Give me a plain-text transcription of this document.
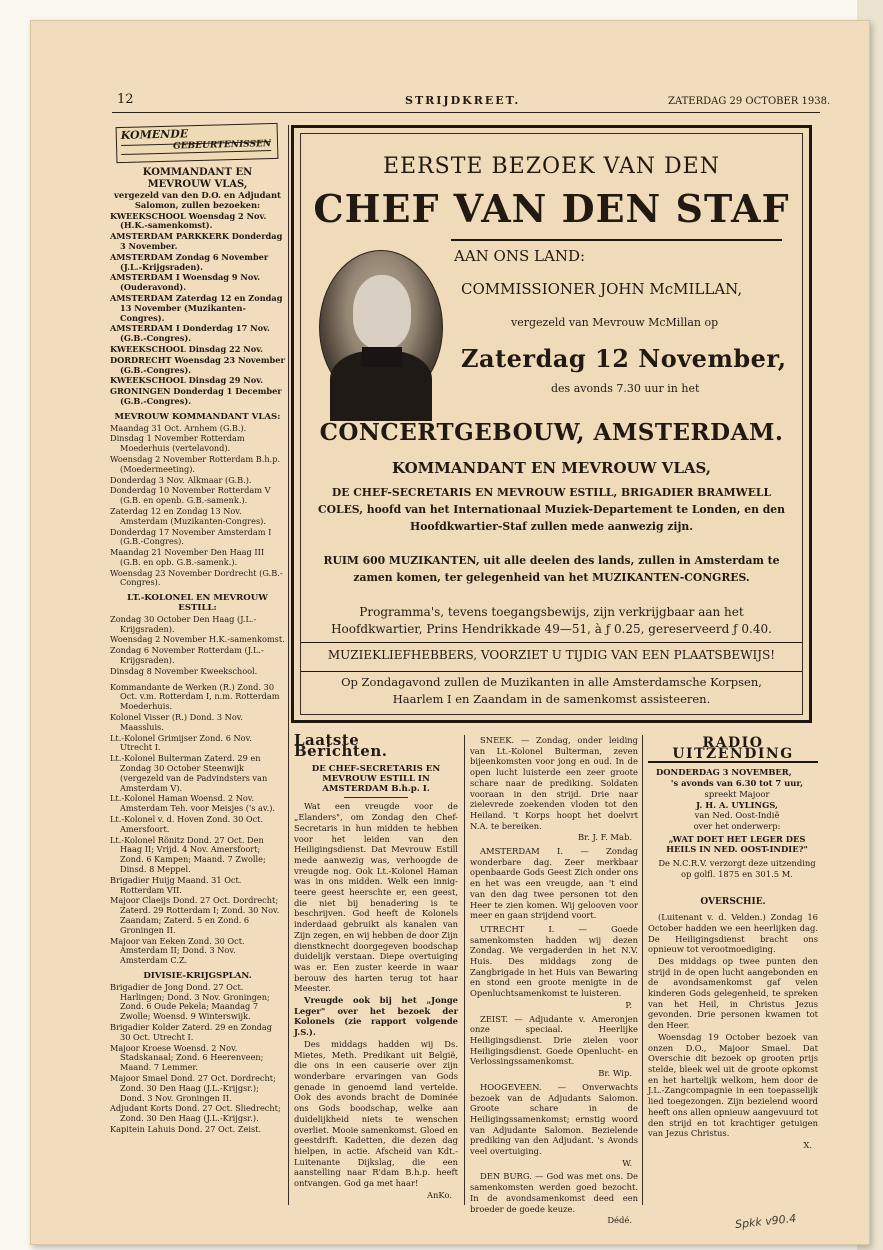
12	STRIJDKREET.	ZATERDAG 29 OCTOBER 1938.
KOMENDE
GEBEURTENISSEN
KOMMANDANT EN MEVROUW VLAS,
vergezeld van den D.O. en Adjudant Salomon, zullen bezoeken:

KWEEKSCHOOL Woensdag 2 Nov. (H.K.-samenkomst).

AMSTERDAM PARKKERK Donderdag 3 November.

AMSTERDAM Zondag 6 November (J.L.-Krijgsraden).

AMSTERDAM I Woensdag 9 Nov. (Ouderavond).

AMSTERDAM Zaterdag 12 en Zondag 13 November (Muzikanten-Congres).

AMSTERDAM I Donderdag 17 Nov. (G.B.-Congres).

KWEEKSCHOOL Dinsdag 22 Nov.

DORDRECHT Woensdag 23 November (G.B.-Congres).

KWEEKSCHOOL Dinsdag 29 Nov.

GRONINGEN Donderdag 1 December (G.B.-Congres).

MEVROUW KOMMANDANT VLAS:

Maandag 31 Oct. Arnhem (G.B.).

Dinsdag 1 November Rotterdam Moederhuis (vertelavond).

Woensdag 2 November Rotterdam B.h.p. (Moedermeeting).

Donderdag 3 Nov. Alkmaar (G.B.).

Donderdag 10 November Rotterdam V (G.B. en openb. G.B.-samenk.).

Zaterdag 12 en Zondag 13 Nov. Amsterdam (Muzikanten-Congres).

Donderdag 17 November Amsterdam I (G.B.-Congres).

Maandag 21 November Den Haag III (G.B. en opb. G.B.-samenk.).

Woensdag 23 November Dordrecht (G.B.-Congres).

LT.-KOLONEL EN MEVROUW ESTILL:

Zondag 30 October Den Haag (J.L.-Krijgsraden).

Woensdag 2 November H.K.-samenkomst.

Zondag 6 November Rotterdam (J.L.-Krijgsraden).

Dinsdag 8 November Kweekschool.

Kommandante de Werken (R.) Zond. 30 Oct. v.m. Rotterdam I, n.m. Rotterdam Moederhuis.

Kolonel Visser (R.) Dond. 3 Nov. Maassluis.

Lt.-Kolonel Grimijser Zond. 6 Nov. Utrecht I.

Lt.-Kolonel Bulterman Zaterd. 29 en Zondag 30 October Steenwijk (vergezeld van de Padvindsters van Amsterdam V).

Lt.-Kolonel Haman Woensd. 2 Nov. Amsterdam Teh. voor Meisjes ('s av.).

Lt.-Kolonel v. d. Hoven Zond. 30 Oct. Amersfoort.

Lt.-Kolonel Rönitz Dond. 27 Oct. Den Haag II; Vrijd. 4 Nov. Amersfoort; Zond. 6 Kampen; Maand. 7 Zwolle; Dinsd. 8 Meppel.

Brigadier Huijg Maand. 31 Oct. Rotterdam VII.

Majoor Claeijs Dond. 27 Oct. Dordrecht; Zaterd. 29 Rotterdam I; Zond. 30 Nov. Zaandam; Zaterd. 5 en Zond. 6 Groningen II.

Majoor van Eeken Zond. 30 Oct. Amsterdam II; Dond. 3 Nov. Amsterdam C.Z.

DIVISIE-KRIJGSPLAN.

Brigadier de Jong Dond. 27 Oct. Harlingen; Dond. 3 Nov. Groningen; Zond. 6 Oude Pekela; Maandag 7 Zwolle; Woensd. 9 Winterswijk.

Brigadier Kolder Zaterd. 29 en Zondag 30 Oct. Utrecht I.

Majoor Kroese Woensd. 2 Nov. Stadskanaal; Zond. 6 Heerenveen; Maand. 7 Lemmer.

Majoor Smael Dond. 27 Oct. Dordrecht; Zond. 30 Den Haag (J.L.-Krijgsr.); Dond. 3 Nov. Groningen II.

Adjudant Korts Dond. 27 Oct. Sliedrecht; Zond. 30 Den Haag (J.L.-Krijgsr.).

Kapitein Lahuis Dond. 27 Oct. Zeist.

EERSTE BEZOEK VAN DEN
CHEF VAN DEN STAF
AAN ONS LAND:
COMMISSIONER JOHN McMILLAN,
vergezeld van Mevrouw McMillan op
Zaterdag 12 November,
des avonds 7.30 uur in het
CONCERTGEBOUW, AMSTERDAM.
KOMMANDANT EN MEVROUW VLAS,
DE CHEF-SECRETARIS EN MEVROUW ESTILL, BRIGADIER BRAMWELL COLES, hoofd van het Internationaal Muziek-Departement te Londen, en den Hoofdkwartier-Staf zullen mede aanwezig zijn.
RUIM 600 MUZIKANTEN, uit alle deelen des lands, zullen in Amsterdam te zamen komen, ter gelegenheid van het MUZIKANTEN-CONGRES.
Programma's, tevens toegangsbewijs, zijn verkrijgbaar aan het Hoofdkwartier, Prins Hendrikkade 49—51, à ƒ 0.25, gereserveerd ƒ 0.40.
MUZIEKLIEFHEBBERS, VOORZIET U TIJDIG VAN EEN PLAATSBEWIJS!
Op Zondagavond zullen de Muzikanten in alle Amsterdamsche Korpsen, Haarlem I en Zaandam in de samenkomst assisteeren.
Laatste Berichten.
DE CHEF-SECRETARIS EN MEVROUW ESTILL IN AMSTERDAM B.h.p. I.

Wat een vreugde voor de „Elanders", om Zondag den Chef-Secretaris in hun midden te hebben voor het leiden van den Heiligingsdienst. Dat Mevrouw Estill mede aanwezig was, verhoogde de vreugde nog. Ook Lt.-Kolonel Haman was in ons midden. Welk een innig-teere geest heerschte er, een geest, die niet bij benadering is te beschrijven. God heeft de Kolonels inderdaad gebruikt als kanalen van Zijn zegen, en wij hebben de door Zijn dienstknecht doorgegeven boodschap duidelijk verstaan. Diepe overtuiging was er. Een zuster keerde in waar berouw des harten terug tot haar Meester.

Vreugde ook bij het „Jonge Leger" over het bezoek der Kolonels (zie rapport volgende J.S.).

Des middags hadden wij Ds. Mietes, Meth. Predikant uit België, die ons in een causerie over zijn wonderbare ervaringen van Gods genade in genoemd land vertelde. Ook des avonds bracht de Dominée ons Gods boodschap, welke aan duidelijkheid niets te wenschen overliet. Mooie samenkomst. Gloed en geestdrift. Kadetten, die dezen dag hielpen, in actie. Afscheid van Kdt.-Luitenante Dijkslag, die een aanstelling naar R'dam B.h.p. heeft ontvangen. God ga met haar!

AnKo.

SNEEK. — Zondag, onder leiding van Lt.-Kolonel Bulterman, zeven bijeenkomsten voor jong en oud. In de open lucht luisterde een zeer groote schare naar de prediking. Soldaten vooraan in den strijd. Drie naar zielevrede zoekenden vloden tot den Heiland. 't Korps hoopt het doelvrt N.A. te bereiken.

Br. J. F. Mab.

AMSTERDAM I. — Zondag wonderbare dag. Zeer merkbaar openbaarde Gods Geest Zich onder ons en het was een vreugde, aan 't eind van den dag twee personen tot den Heer te zien komen. Wij gelooven voor meer en gaan strijdend voort.

UTRECHT I. — Goede samenkomsten hadden wij dezen Zondag. We vergaderden in het N.V. Huis. Des middags zong de Zangbrigade in het Huis van Bewaring en stond een groote menigte in de Openluchtsamenkomst te luisteren.

P.

ZEIST. — Adjudante v. Ameronjen onze speciaal. Heerlijke Heiligingsdienst. Drie zielen voor Heiligingsdienst. Goede Openlucht- en Verlossingssamenkomst.

Br. Wip.

HOOGEVEEN. — Onverwachts bezoek van de Adjudants Salomon. Groote schare in de Heiligingssamenkomst; ernstig woord van Adjudante Salomon. Bezielende prediking van den Adjudant. 's Avonds veel overtuiging.

W.

DEN BURG. — God was met ons. De samenkomsten werden goed bezocht. In de avondsamenkomst deed een broeder de goede keuze.

Dédé.
RADIO UITZENDING
DONDERDAG 3 NOVEMBER,
's avonds van 6.30 tot 7 uur,
spreekt Majoor
J. H. A. UYLINGS,
van Ned. Oost-Indië
over het onderwerp:
„WAT DOET HET LEGER DES HEILS IN NED. OOST-INDIE?"
De N.C.R.V. verzorgt deze uitzending op golfl. 1875 en 301.5 M.
OVERSCHIE.

(Luitenant v. d. Velden.) Zondag 16 October hadden we een heerlijken dag. De Heiligingsdienst bracht ons opnieuw tot verootmoediging.

Des middags op twee punten den strijd in de open lucht aangebonden en de avondsamenkomst gaf velen kinderen Gods gelegenheid, te spreken van het Heil, in Christus Jezus gevonden. Drie personen kwamen tot den Heer.

Woensdag 19 October bezoek van onzen D.O., Majoor Smael. Dat Overschie dit bezoek op grooten prijs stelde, bleek wel uit de groote opkomst en het hartelijk welkom, hem door de J.L.-Zangcompagnie in een toepasselijk lied toegezongen. Zijn bezielend woord heeft ons allen opnieuw aangevuurd tot den strijd en tot krachtiger getuigen van Jezus Christus.

X.
Spkk v90.4
